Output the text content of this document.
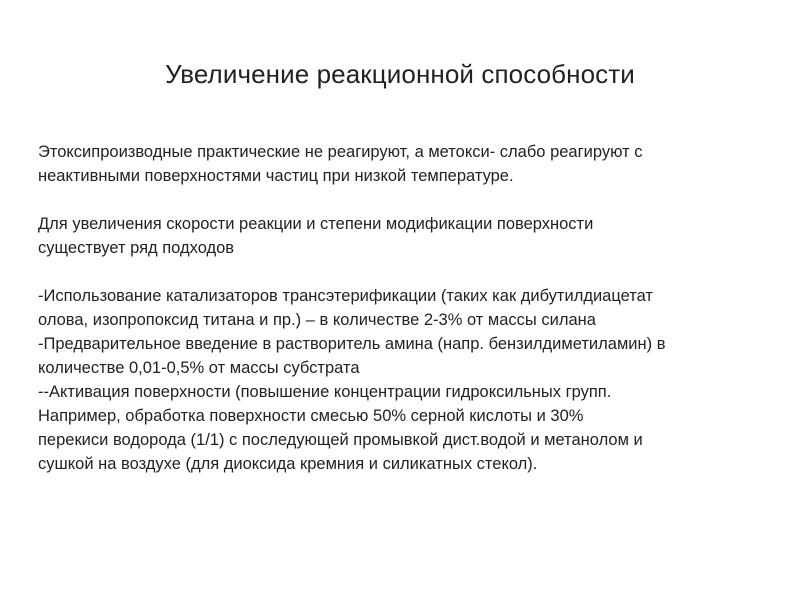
Увеличение реакционной способности

Этоксипроизводные практические не реагируют, а метокси- слабо реагируют с
неактивными поверхностями частиц при низкой температуре.

Для увеличения скорости реакции и степени модификации поверхности
существует ряд подходов

-Использование катализаторов трансэтерификации (таких как дибутилдиацетат
олова, изопропоксид титана и пр.) – в количестве 2-3% от массы силана

-Предварительное введение в растворитель амина (напр. бензилдиметиламин) в
количестве 0,01-0,5% от массы субстрата

--Активация поверхности (повышение концентрации гидроксильных групп.
Например, обработка поверхности смесью 50% серной кислоты и 30%
перекиси водорода (1/1) с последующей промывкой дист.водой и метанолом и
сушкой на воздухе (для диоксида кремния и силикатных стекол).
